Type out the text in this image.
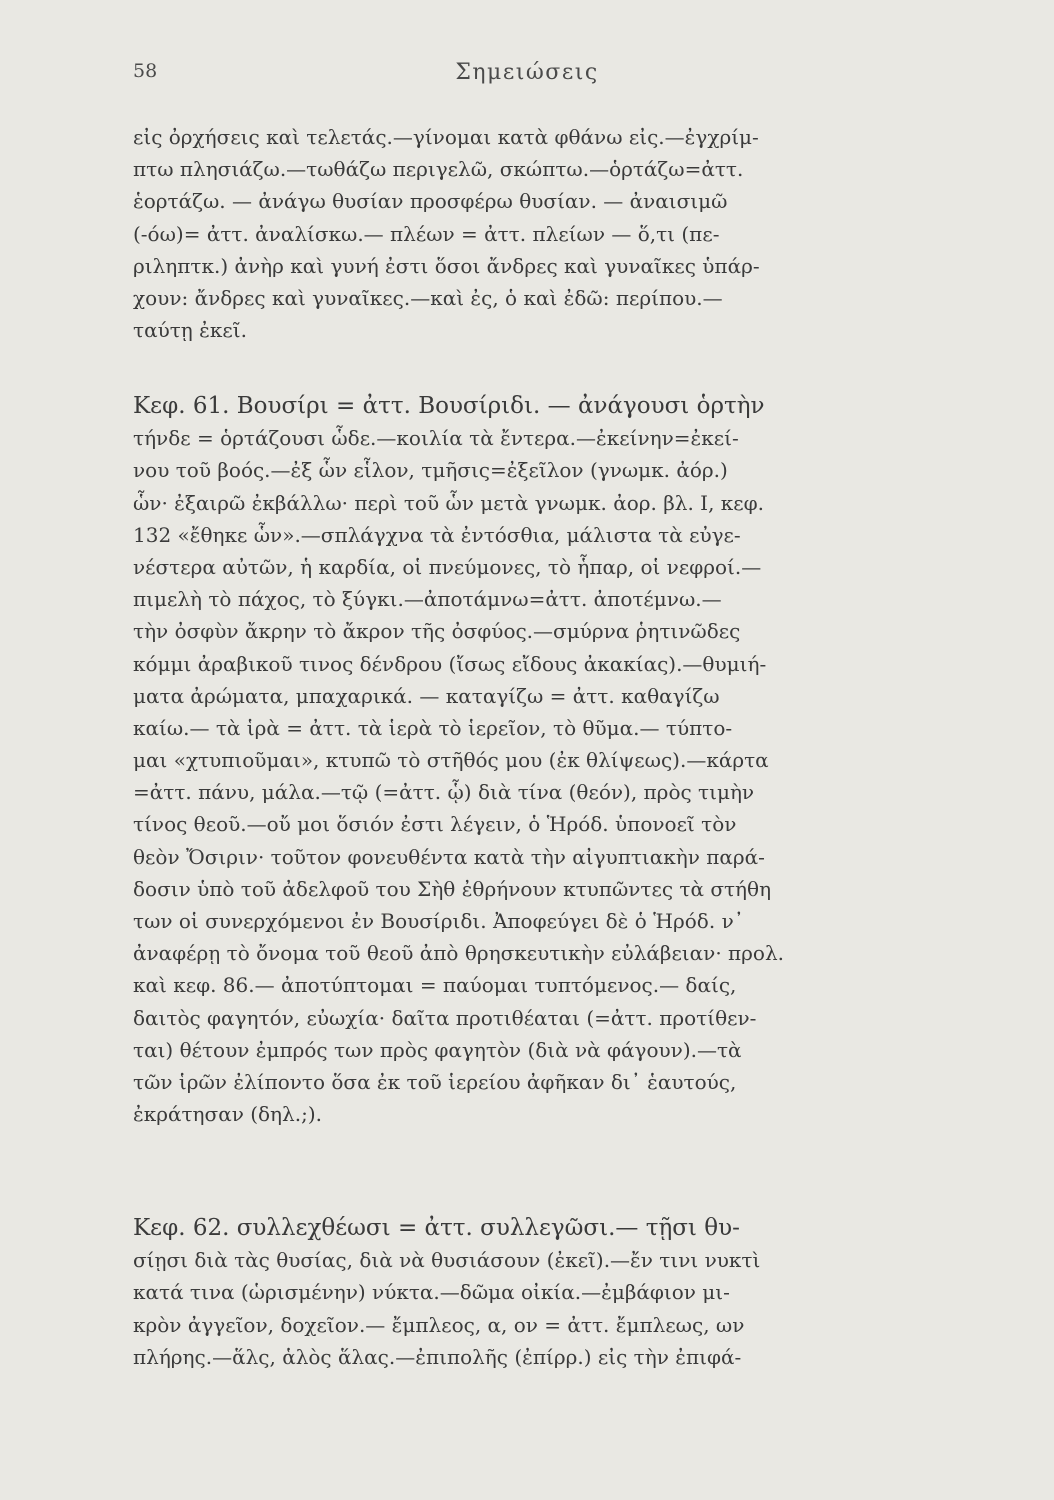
58	Σημειώσεις
εἰς ὀρχήσεις καὶ τελετάς.—γίνομαι κατὰ φθάνω εἰς.—ἐγχρίμ-
πτω πλησιάζω.—τωθάζω περιγελῶ, σκώπτω.—ὁρτάζω=ἀττ.
ἑορτάζω. — ἀνάγω θυσίαν προσφέρω θυσίαν. — ἀναισιμῶ
(-όω)= ἀττ. ἀναλίσκω.— πλέων = ἀττ. πλείων — ὅ,τι (πε-
ριληπτκ.) ἀνὴρ καὶ γυνή ἐστι ὅσοι ἄνδρες καὶ γυναῖκες ὑπάρ-
χουν: ἄνδρες καὶ γυναῖκες.—καὶ ἐς, ὁ καὶ ἐδῶ: περίπου.—
ταύτῃ ἐκεῖ.
Κεφ. 61. Βουσίρι = ἀττ. Βουσίριδι. — ἀνάγουσι ὁρτὴν
τήνδε = ὁρτάζουσι ὧδε.—κοιλία τὰ ἔντερα.—ἐκείνην=ἐκεί-
νου τοῦ βοός.—ἐξ ὧν εἷλον, τμῆσις=ἐξεῖλον (γνωμκ. ἀόρ.)
ὧν· ἐξαιρῶ ἐκβάλλω· περὶ τοῦ ὧν μετὰ γνωμκ. ἀορ. βλ. Ι, κεφ.
132 «ἔθηκε ὧν».—σπλάγχνα τὰ ἐντόσθια, μάλιστα τὰ εὐγε-
νέστερα αὐτῶν, ἡ καρδία, οἱ πνεύμονες, τὸ ἧπαρ, οἱ νεφροί.—
πιμελὴ τὸ πάχος, τὸ ξύγκι.—ἀποτάμνω=ἀττ. ἀποτέμνω.—
τὴν ὀσφὺν ἄκρην τὸ ἄκρον τῆς ὀσφύος.—σμύρνα ῥητινῶδες
κόμμι ἀραβικοῦ τινος δένδρου (ἴσως εἴδους ἀκακίας).—θυμιή-
ματα ἀρώματα, μπαχαρικά. — καταγίζω = ἀττ. καθαγίζω
καίω.— τὰ ἱρὰ = ἀττ. τὰ ἱερὰ τὸ ἱερεῖον, τὸ θῦμα.— τύπτο-
μαι «χτυπιοῦμαι», κτυπῶ τὸ στῆθός μου (ἐκ θλίψεως).—κάρτα
=ἀττ. πάνυ, μάλα.—τῷ (=ἀττ. ᾧ) διὰ τίνα (θεόν), πρὸς τιμὴν
τίνος θεοῦ.—οὔ μοι ὅσιόν ἐστι λέγειν, ὁ Ἡρόδ. ὑπονοεῖ τὸν
θεὸν Ὄσιριν· τοῦτον φονευθέντα κατὰ τὴν αἰγυπτιακὴν παρά-
δοσιν ὑπὸ τοῦ ἀδελφοῦ του Σὴθ ἐθρήνουν κτυπῶντες τὰ στήθη
των οἱ συνερχόμενοι ἐν Βουσίριδι. Ἀποφεύγει δὲ ὁ Ἡρόδ. ν᾽
ἀναφέρῃ τὸ ὄνομα τοῦ θεοῦ ἀπὸ θρησκευτικὴν εὐλάβειαν· προλ.
καὶ κεφ. 86.— ἀποτύπτομαι = παύομαι τυπτόμενος.— δαίς,
δαιτὸς φαγητόν, εὐωχία· δαῖτα προτιθέαται (=ἀττ. προτίθεν-
ται) θέτουν ἐμπρός των πρὸς φαγητὸν (διὰ νὰ φάγουν).—τὰ
τῶν ἱρῶν ἐλίποντο ὅσα ἐκ τοῦ ἱερείου ἀφῆκαν δι᾽ ἑαυτούς,
ἐκράτησαν (δηλ.;).
Κεφ. 62. συλλεχθέωσι = ἀττ. συλλεγῶσι.— τῇσι θυ-
σίῃσι διὰ τὰς θυσίας, διὰ νὰ θυσιάσουν (ἐκεῖ).—ἔν τινι νυκτὶ
κατά τινα (ὡρισμένην) νύκτα.—δῶμα οἰκία.—ἐμβάφιον μι-
κρὸν ἀγγεῖον, δοχεῖον.— ἔμπλεος, α, ον = ἀττ. ἔμπλεως, ων
πλήρης.—ἅλς, ἁλὸς ἅλας.—ἐπιπολῆς (ἐπίρρ.) εἰς τὴν ἐπιφά-
